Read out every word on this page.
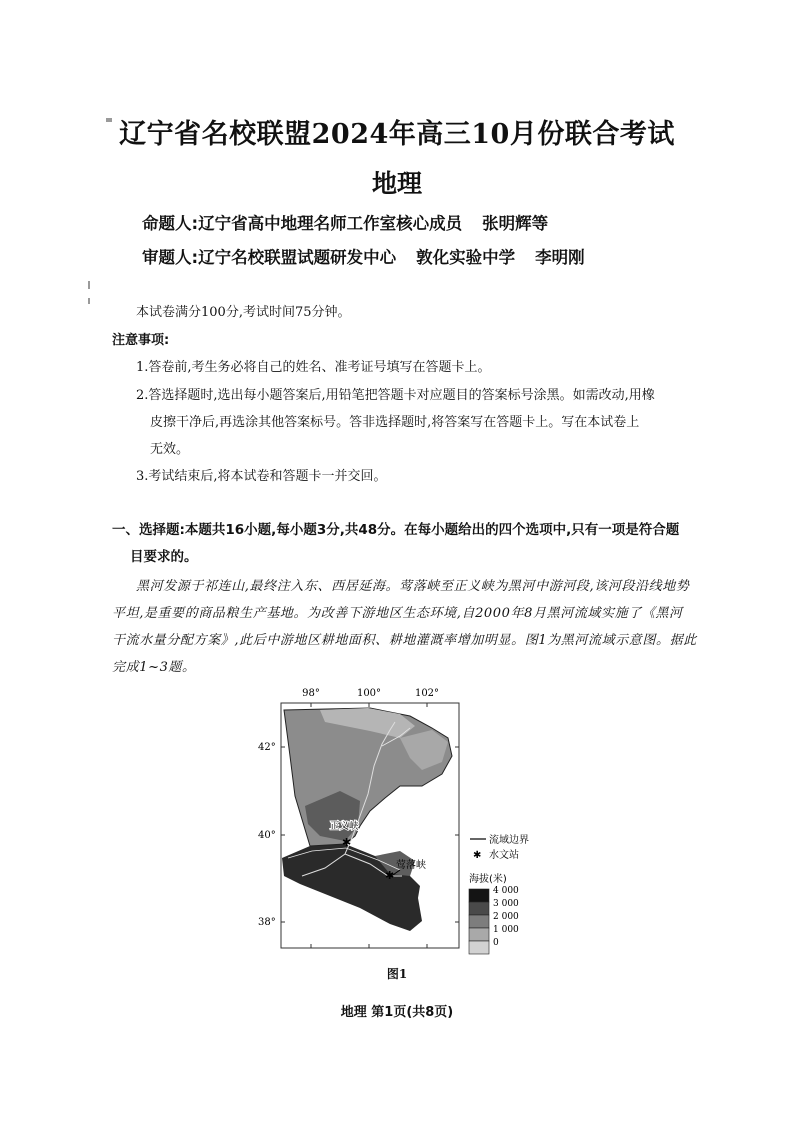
辽宁省名校联盟2024年高三10月份联合考试
地理
命题人:辽宁省高中地理名师工作室核心成员 张明辉等
审题人:辽宁名校联盟试题研发中心 敦化实验中学 李明刚
本试卷满分100分,考试时间75分钟。
注意事项:
1.答卷前,考生务必将自己的姓名、准考证号填写在答题卡上。
2.答选择题时,选出每小题答案后,用铅笔把答题卡对应题目的答案标号涂黑。如需改动,用橡
皮擦干净后,再选涂其他答案标号。答非选择题时,将答案写在答题卡上。写在本试卷上
无效。
3.考试结束后,将本试卷和答题卡一并交回。
一、选择题:本题共16小题,每小题3分,共48分。在每小题给出的四个选项中,只有一项是符合题
目要求的。
黑河发源于祁连山,最终注入东、西居延海。莺落峡至正义峡为黑河中游河段,该河段沿线地势
平坦,是重要的商品粮生产基地。为改善下游地区生态环境,自2000年8月黑河流域实施了《黑河
干流水量分配方案》,此后中游地区耕地面积、耕地灌溉率增加明显。图1为黑河流域示意图。据此
完成1~3题。
98°	100°	102°
42°
40°
38°
✱
✱
正义峡
莺落峡
流域边界
✱ 水文站
海拔(米)
4 000
3 000
2 000
1 000
0
图1
地理 第1页(共8页)
